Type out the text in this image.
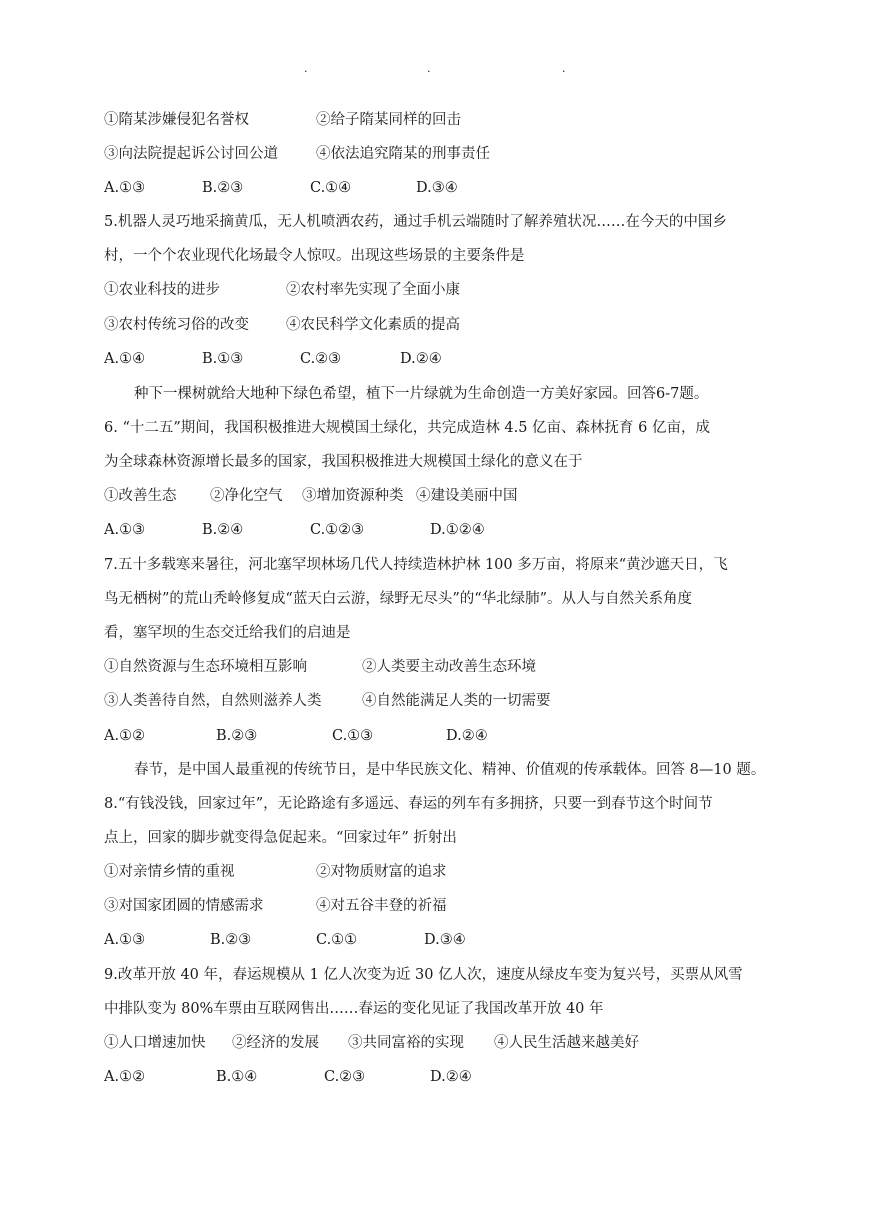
.	.	.
①隋某涉嫌侵犯名誉权	②给子隋某同样的回击
③向法院提起诉公讨回公道	④依法追究隋某的刑事责任
A.①③	B.②③	C.①④	D.③④
5.机器人灵巧地采摘黄瓜，无人机喷洒农药，通过手机云端随时了解养殖状况……在今天的中国乡
村，一个个农业现代化场最令人惊叹。出现这些场景的主要条件是
①农业科技的进步	②农村率先实现了全面小康
③农村传统习俗的改变	④农民科学文化素质的提高
A.①④	B.①③	C.②③	D.②④
种下一棵树就给大地种下绿色希望，植下一片绿就为生命创造一方美好家园。回答6-7题。
6. “十二五”期间，我国积极推进大规模国土绿化，共完成造林 4.5 亿亩、森林抚育 6 亿亩，成
为全球森林资源增长最多的国家，我国积极推进大规模国土绿化的意义在于
①改善生态 ②净化空气 ③增加资源种类 ④建设美丽中国
A.①③	B.②④	C.①②③	D.①②④
7.五十多载寒来暑往，河北塞罕坝林场几代人持续造林护林 100 多万亩，将原来“黄沙遮天日，飞
鸟无栖树”的荒山秃岭修复成“蓝天白云游，绿野无尽头”的“华北绿肺”。从人与自然关系角度
看，塞罕坝的生态交迁给我们的启迪是
①自然资源与生态环境相互影响	②人类要主动改善生态环境
③人类善待自然，自然则滋养人类	④自然能满足人类的一切需要
A.①②	B.②③	C.①③	D.②④
春节，是中国人最重视的传统节日，是中华民族文化、精神、价值观的传承载体。回答 8—10 题。
8.“有钱没钱，回家过年”，无论路途有多遥远、春运的列车有多拥挤，只要一到春节这个时间节
点上，回家的脚步就变得急促起来。“回家过年” 折射出
①对亲情乡情的重视	②对物质财富的追求
③对国家团圆的情感需求	④对五谷丰登的祈福
A.①③	B.②③	C.①①	D.③④
9.改革开放 40 年，春运规模从 1 亿人次变为近 30 亿人次，速度从绿皮车变为复兴号，买票从风雪
中排队变为 80%车票由互联网售出……春运的变化见证了我国改革开放 40 年
①人口增速加快 ②经济的发展 ③共同富裕的实现 ④人民生活越来越美好
A.①②	B.①④	C.②③	D.②④
